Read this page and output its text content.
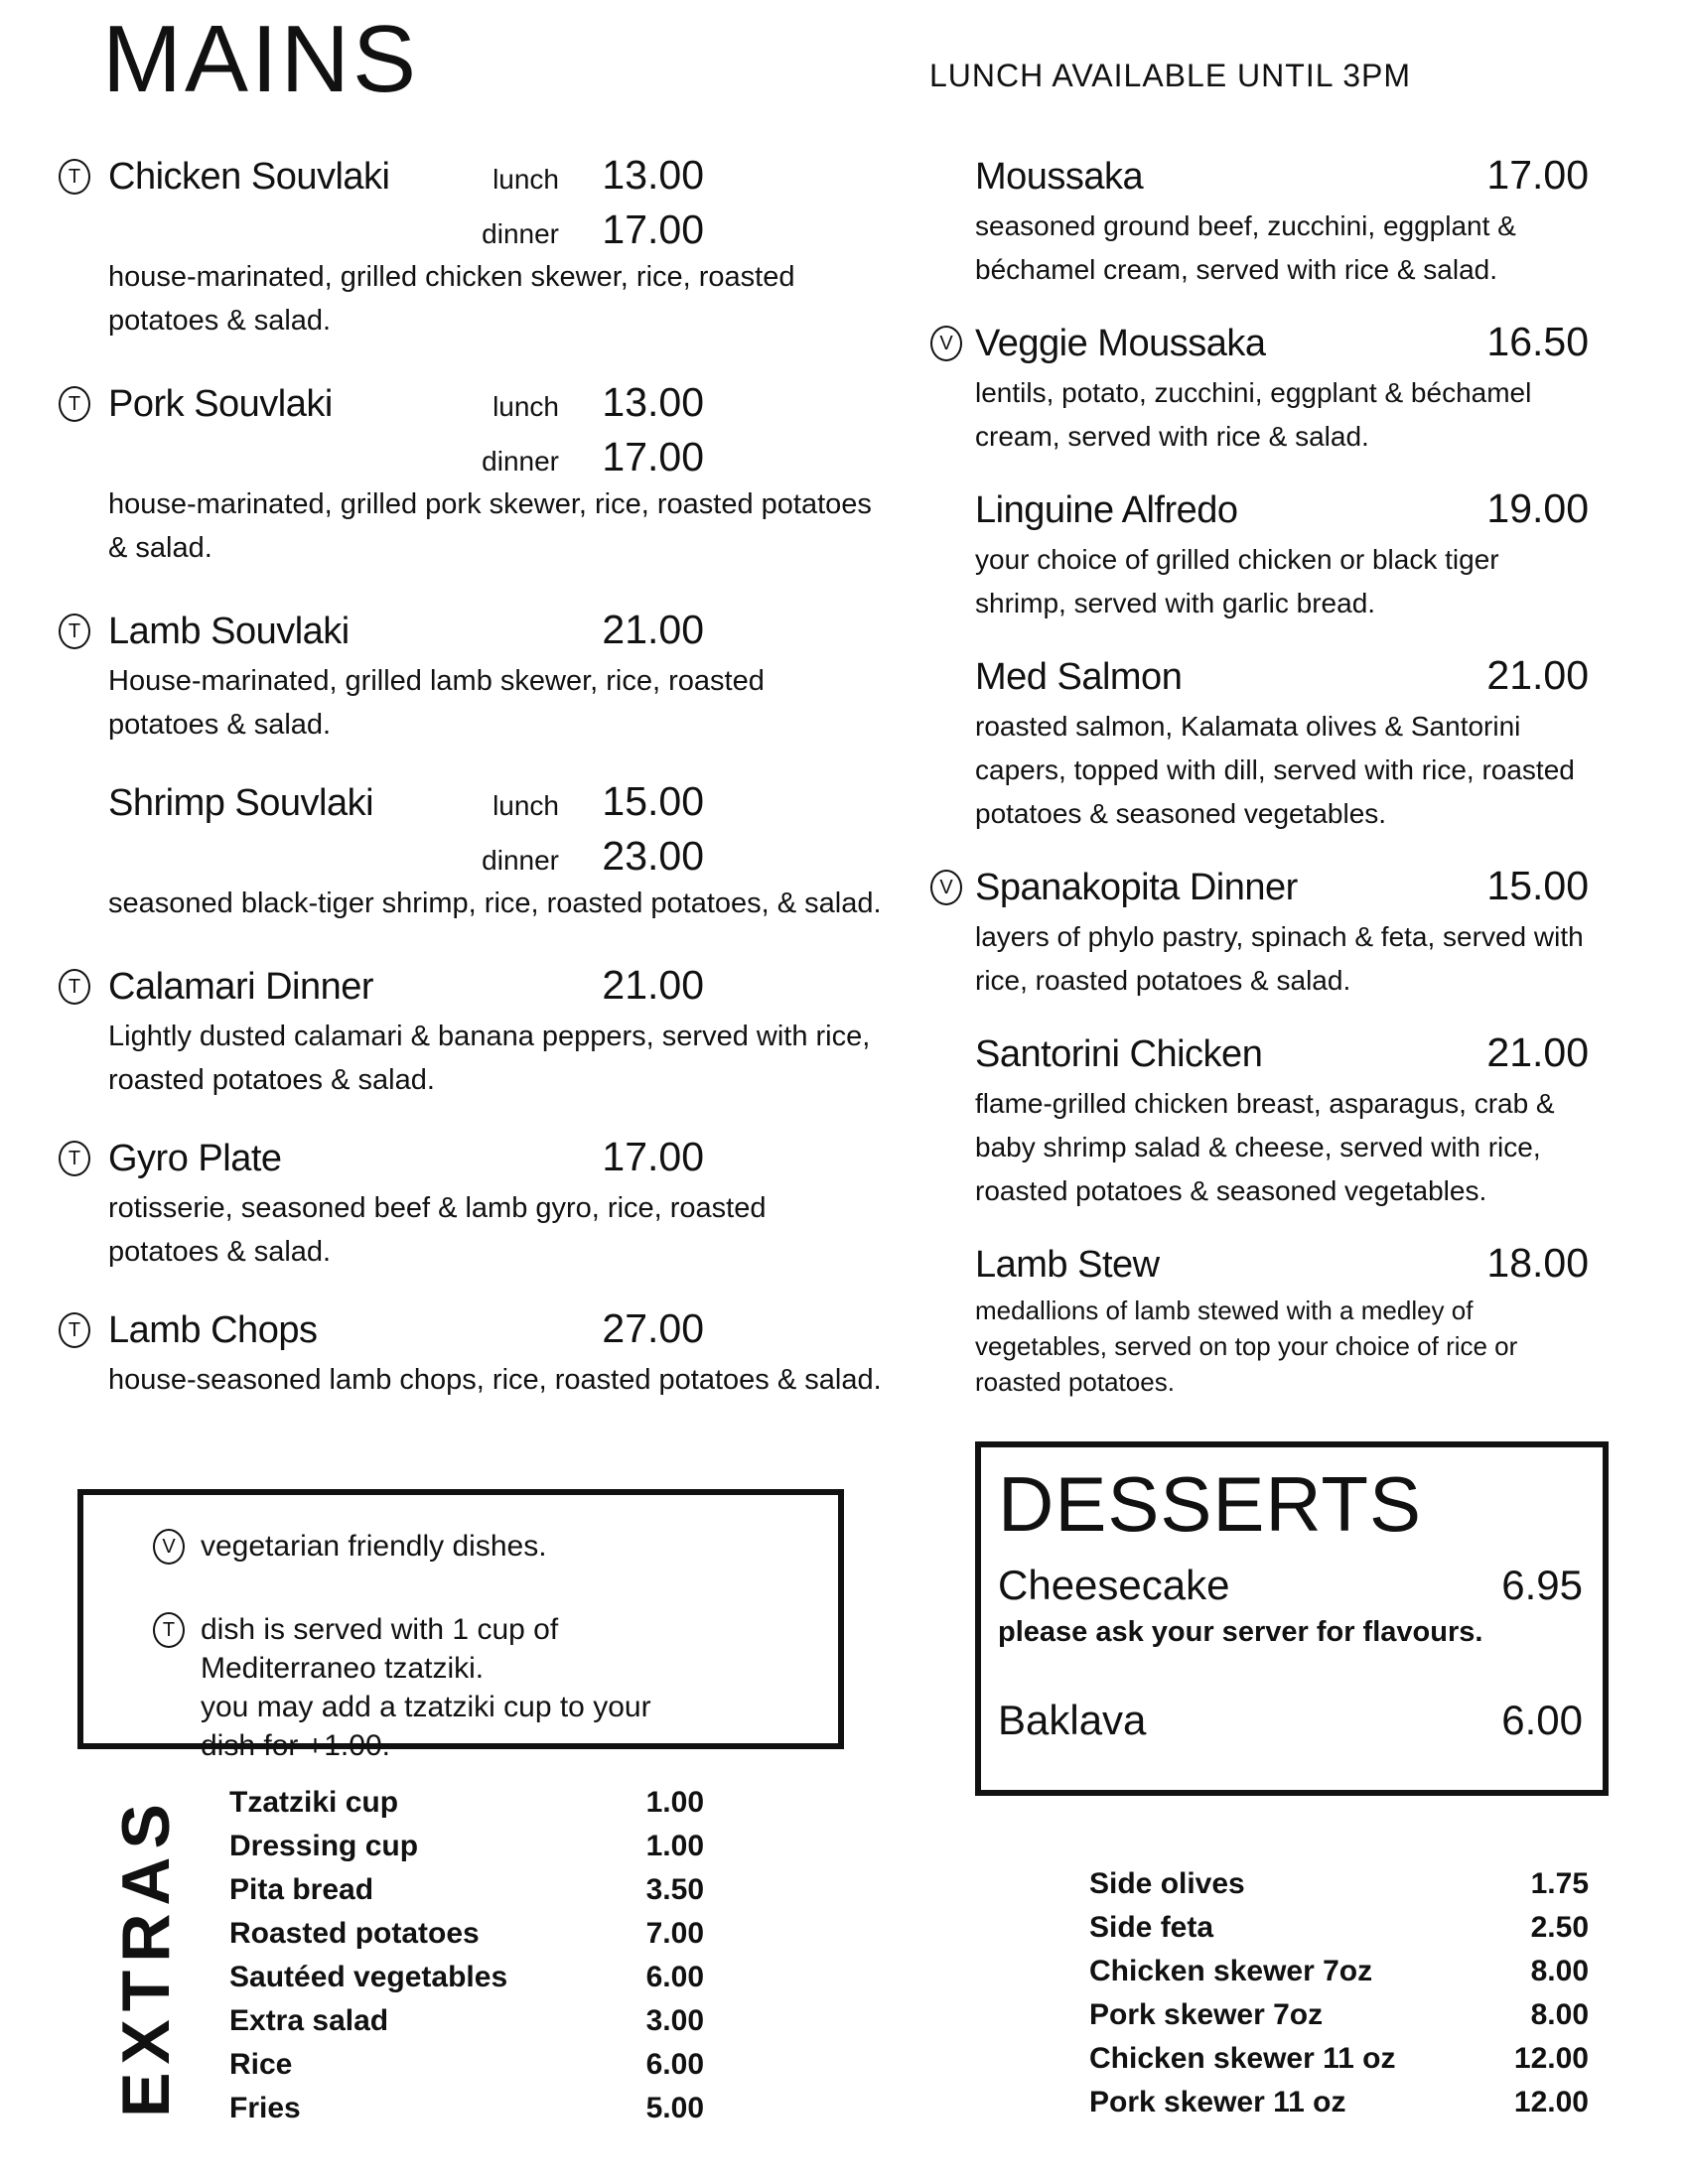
MAINS	LUNCH AVAILABLE UNTIL 3PM
T Chicken Souvlaki	lunch	13.00
dinner	17.00
house-marinated, grilled chicken skewer, rice, roasted potatoes & salad.
T Pork Souvlaki	lunch	13.00
dinner	17.00
house-marinated, grilled pork skewer, rice, roasted potatoes & salad.
T Lamb Souvlaki	21.00
House-marinated, grilled lamb skewer, rice, roasted potatoes & salad.
Shrimp Souvlaki	lunch	15.00
dinner	23.00
seasoned black-tiger shrimp, rice, roasted potatoes, & salad.
T Calamari Dinner	21.00
Lightly dusted calamari & banana peppers, served with rice, roasted potatoes & salad.
T Gyro Plate	17.00
rotisserie, seasoned beef & lamb gyro, rice, roasted potatoes & salad.
T Lamb Chops	27.00
house-seasoned lamb chops, rice, roasted potatoes & salad.
V vegetarian friendly dishes.
T dish is served with 1 cup of
Mediterraneo tzatziki.
you may add a tzatziki cup to your
dish for +1.00.
EXTRAS Tzatziki cup	1.00
Dressing cup	1.00
Pita bread	3.50
Roasted potatoes	7.00
Sautéed vegetables	6.00
Extra salad	3.00
Rice	6.00
Fries	5.00
Moussaka	17.00
seasoned ground beef, zucchini, eggplant & béchamel cream, served with rice & salad.
V Veggie Moussaka	16.50
lentils, potato, zucchini, eggplant & béchamel cream, served with rice & salad.
Linguine Alfredo	19.00
your choice of grilled chicken or black tiger shrimp, served with garlic bread.
Med Salmon	21.00
roasted salmon, Kalamata olives & Santorini capers, topped with dill, served with rice, roasted potatoes & seasoned vegetables.
V Spanakopita Dinner	15.00
layers of phylo pastry, spinach & feta, served with rice, roasted potatoes & salad.
Santorini Chicken	21.00
flame-grilled chicken breast, asparagus, crab & baby shrimp salad & cheese, served with rice, roasted potatoes & seasoned vegetables.
Lamb Stew	18.00
medallions of lamb stewed with a medley of vegetables, served on top your choice of rice or roasted potatoes.
DESSERTS
Cheesecake	6.95
please ask your server for flavours.
Baklava	6.00
Side olives	1.75
Side feta	2.50
Chicken skewer 7oz	8.00
Pork skewer 7oz	8.00
Chicken skewer 11 oz	12.00
Pork skewer 11 oz	12.00
